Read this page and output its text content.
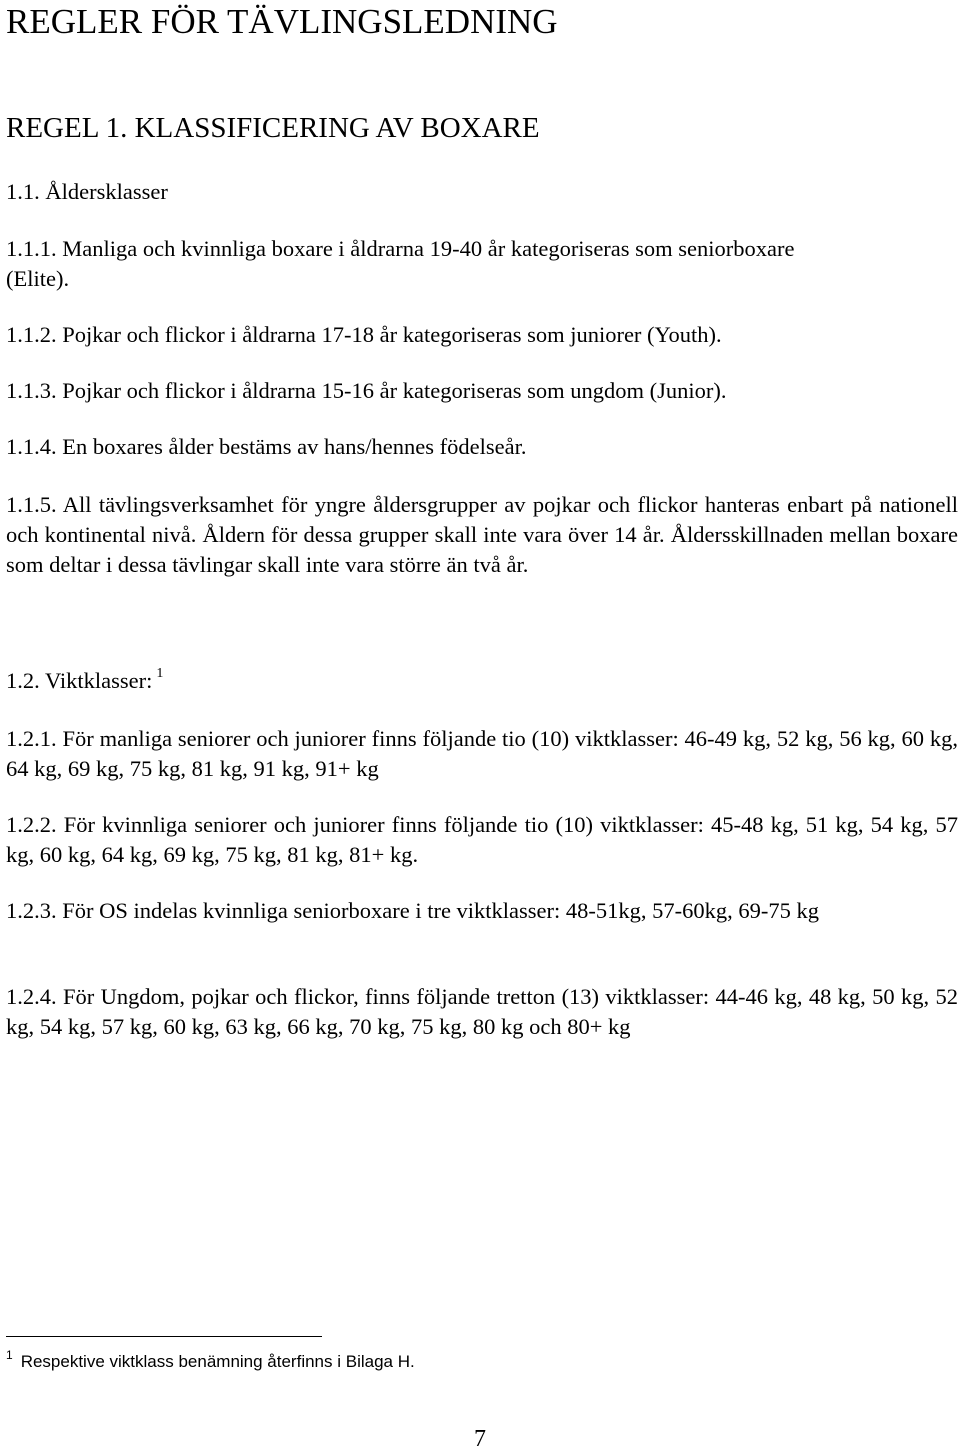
REGLER FÖR TÄVLINGSLEDNING
REGEL 1. KLASSIFICERING AV BOXARE
1.1. Åldersklasser
1.1.1. Manliga och kvinnliga boxare i åldrarna 19-40 år kategoriseras som seniorboxare
(Elite).
1.1.2. Pojkar och flickor i åldrarna 17-18 år kategoriseras som juniorer (Youth).
1.1.3. Pojkar och flickor i åldrarna 15-16 år kategoriseras som ungdom (Junior).
1.1.4. En boxares ålder bestäms av hans/hennes födelseår.
1.1.5. All tävlingsverksamhet för yngre åldersgrupper av pojkar och flickor hanteras enbart på nationell och kontinental nivå. Åldern för dessa grupper skall inte vara över 14 år. Åldersskillnaden mellan boxare som deltar i dessa tävlingar skall inte vara större än två år.
1.2. Viktklasser: $^1$
1.2.1. För manliga seniorer och juniorer finns följande tio (10) viktklasser: 46-49 kg, 52 kg, 56 kg, 60 kg, 64 kg, 69 kg, 75 kg, 81 kg, 91 kg, 91+ kg
1.2.2. För kvinnliga seniorer och juniorer finns följande tio (10) viktklasser: 45-48 kg, 51 kg, 54 kg, 57 kg, 60 kg, 64 kg, 69 kg, 75 kg, 81 kg, 81+ kg.
1.2.3. För OS indelas kvinnliga seniorboxare i tre viktklasser: 48-51kg, 57-60kg, 69-75 kg
1.2.4. För Ungdom, pojkar och flickor, finns följande tretton (13) viktklasser: 44-46 kg, 48 kg, 50 kg, 52 kg, 54 kg, 57 kg, 60 kg, 63 kg, 66 kg, 70 kg, 75 kg, 80 kg och 80+ kg
$^1$ Respektive viktklass benämning återfinns i Bilaga H.
7
